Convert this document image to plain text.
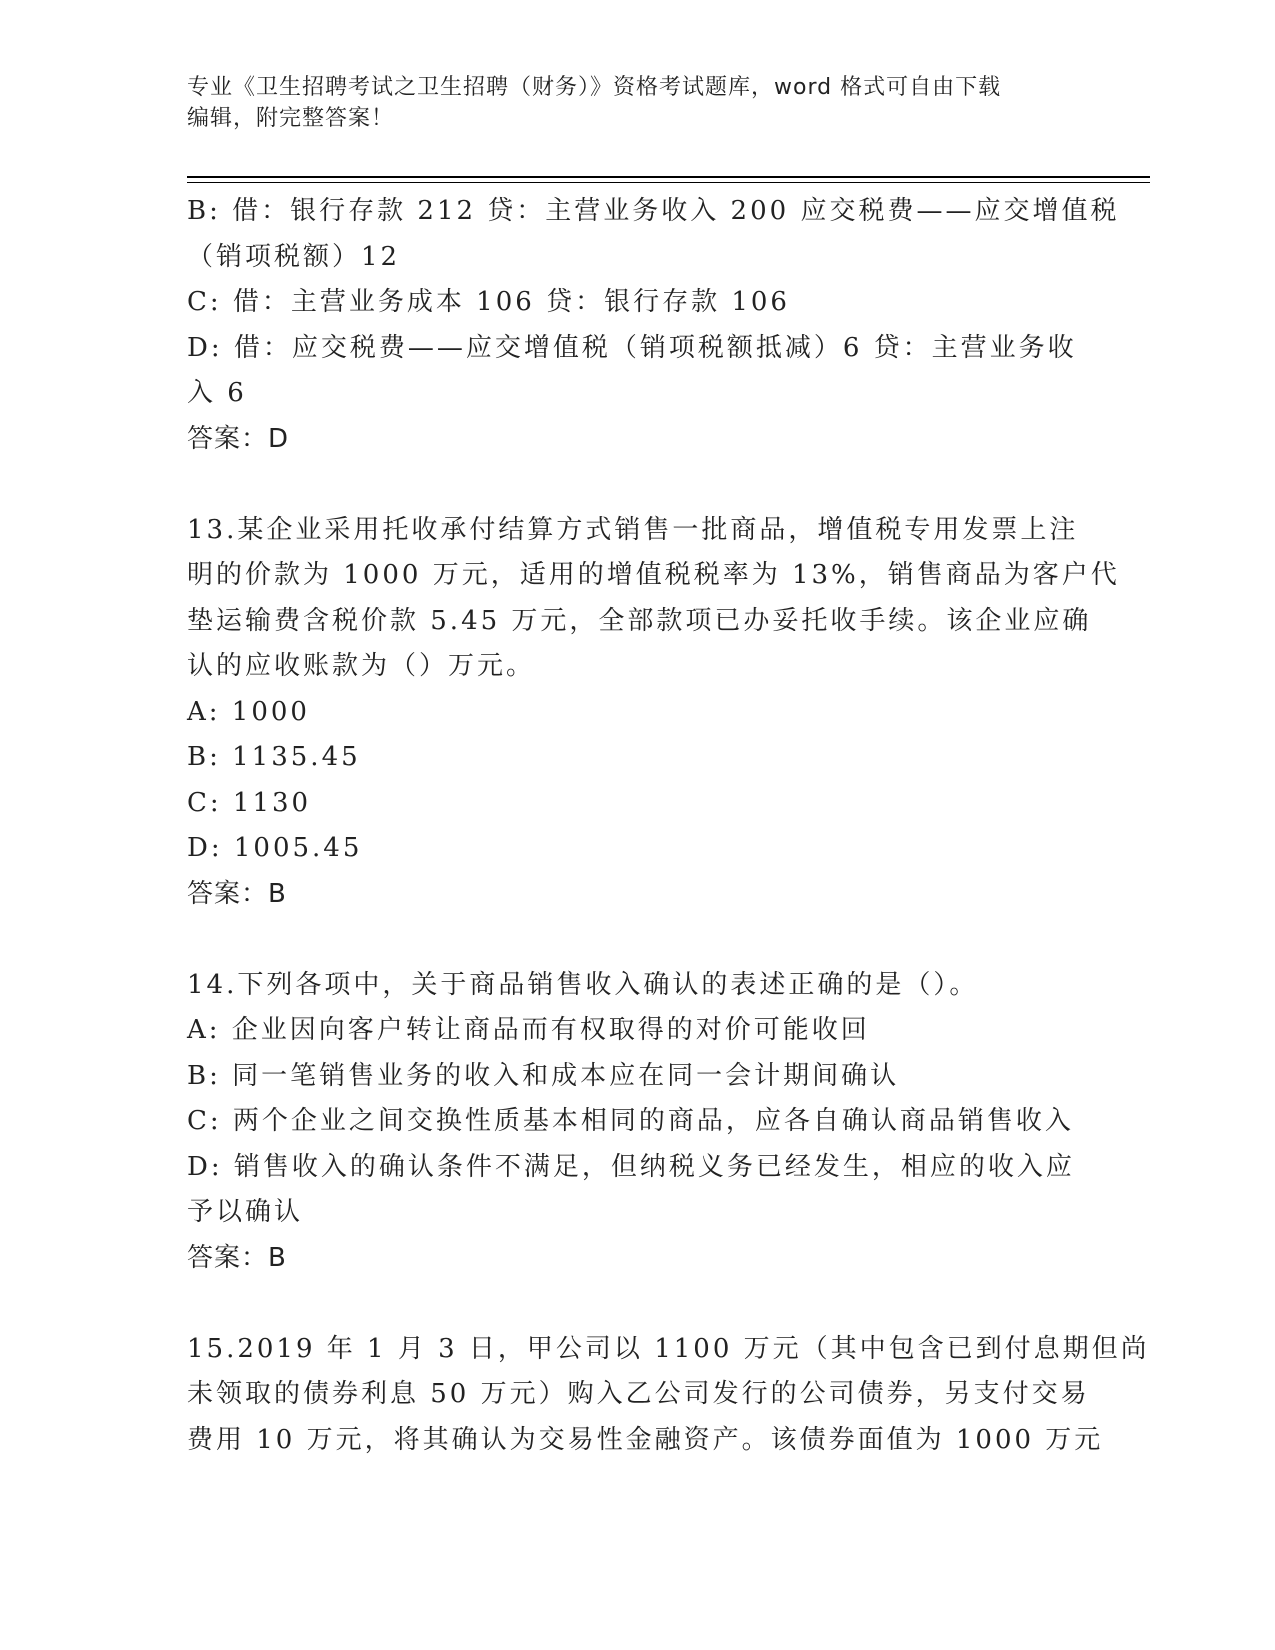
专业《卫生招聘考试之卫生招聘（财务）》资格考试题库，word 格式可自由下载
编辑，附完整答案！
B: 借：银行存款 212 贷：主营业务收入 200 应交税费——应交增值税
（销项税额）12
C: 借：主营业务成本 106 贷：银行存款 106
D: 借：应交税费——应交增值税（销项税额抵减）6 贷：主营业务收
入 6
答案：D
13.某企业采用托收承付结算方式销售一批商品，增值税专用发票上注
明的价款为 1000 万元，适用的增值税税率为 13%，销售商品为客户代
垫运输费含税价款 5.45 万元，全部款项已办妥托收手续。该企业应确
认的应收账款为（）万元。
A: 1000
B: 1135.45
C: 1130
D: 1005.45
答案：B
14.下列各项中，关于商品销售收入确认的表述正确的是（）。
A: 企业因向客户转让商品而有权取得的对价可能收回
B: 同一笔销售业务的收入和成本应在同一会计期间确认
C: 两个企业之间交换性质基本相同的商品，应各自确认商品销售收入
D: 销售收入的确认条件不满足，但纳税义务已经发生，相应的收入应
予以确认
答案：B
15.2019 年 1 月 3 日，甲公司以 1100 万元（其中包含已到付息期但尚
未领取的债券利息 50 万元）购入乙公司发行的公司债券，另支付交易
费用 10 万元，将其确认为交易性金融资产。该债券面值为 1000 万元
